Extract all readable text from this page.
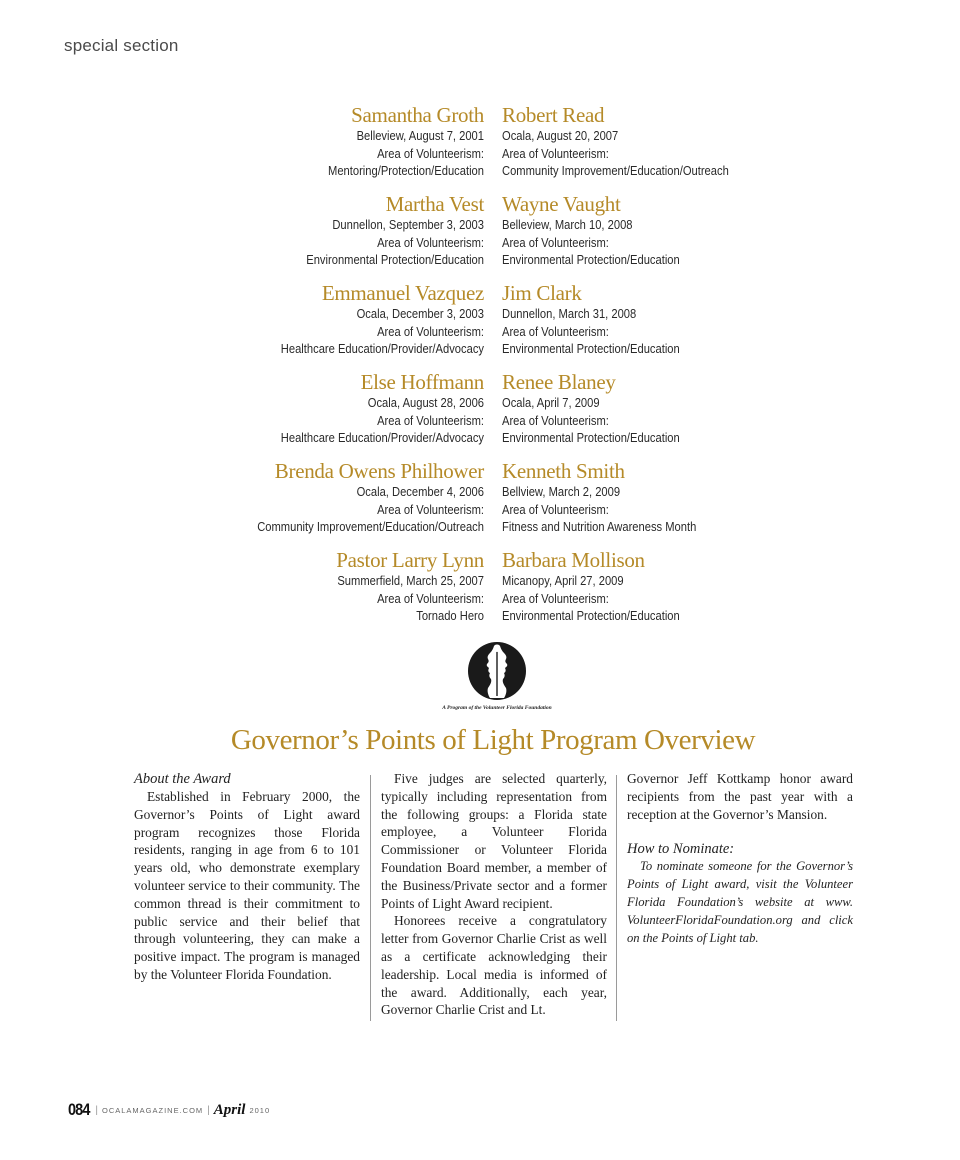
special section
Samantha Groth
Belleview, August 7, 2001
Area of Volunteerism:
Mentoring/Protection/Education
Robert Read
Ocala, August 20, 2007
Area of Volunteerism:
Community Improvement/Education/Outreach
Martha Vest
Dunnellon, September 3, 2003
Area of Volunteerism:
Environmental Protection/Education
Wayne Vaught
Belleview, March 10, 2008
Area of Volunteerism:
Environmental Protection/Education
Emmanuel Vazquez
Ocala, December 3, 2003
Area of Volunteerism:
Healthcare Education/Provider/Advocacy
Jim Clark
Dunnellon, March 31, 2008
Area of Volunteerism:
Environmental Protection/Education
Else Hoffmann
Ocala, August 28, 2006
Area of Volunteerism:
Healthcare Education/Provider/Advocacy
Renee Blaney
Ocala, April 7, 2009
Area of Volunteerism:
Environmental Protection/Education
Brenda Owens Philhower
Ocala, December 4, 2006
Area of Volunteerism:
Community Improvement/Education/Outreach
Kenneth Smith
Bellview, March 2, 2009
Area of Volunteerism:
Fitness and Nutrition Awareness Month
Pastor Larry Lynn
Summerfield, March 25, 2007
Area of Volunteerism:
Tornado Hero
Barbara Mollison
Micanopy, April 27, 2009
Area of Volunteerism:
Environmental Protection/Education
A Program of the Volunteer Florida Foundation
Governor’s Points of Light Program Overview
About the Award

Established in February 2000, the Governor’s Points of Light award program recognizes those Florida residents, ranging in age from 6 to 101 years old, who demonstrate exemplary volunteer service to their community. The common thread is their commitment to public service and their belief that through volunteering, they can make a positive impact. The program is managed by the Volunteer Florida Foundation.

Five judges are selected quarterly, typically including representation from the following groups: a Florida state employee, a Volunteer Florida Commissioner or Volunteer Florida Foundation Board member, a member of the Business/Private sector and a former Points of Light Award recipient.

Honorees receive a congratulatory letter from Governor Charlie Crist as well as a certificate acknowledging their leadership. Local media is informed of the award. Additionally, each year, Governor Charlie Crist and Lt.

Governor Jeff Kottkamp honor award recipients from the past year with a reception at the Governor’s Mansion.

How to Nominate:

To nominate someone for the Governor’s Points of Light award, visit the Volunteer Florida Foundation’s website at www. VolunteerFloridaFoundation.org and click on the Points of Light tab.

084 | OCALAMAGAZINE.COM | April 2010
